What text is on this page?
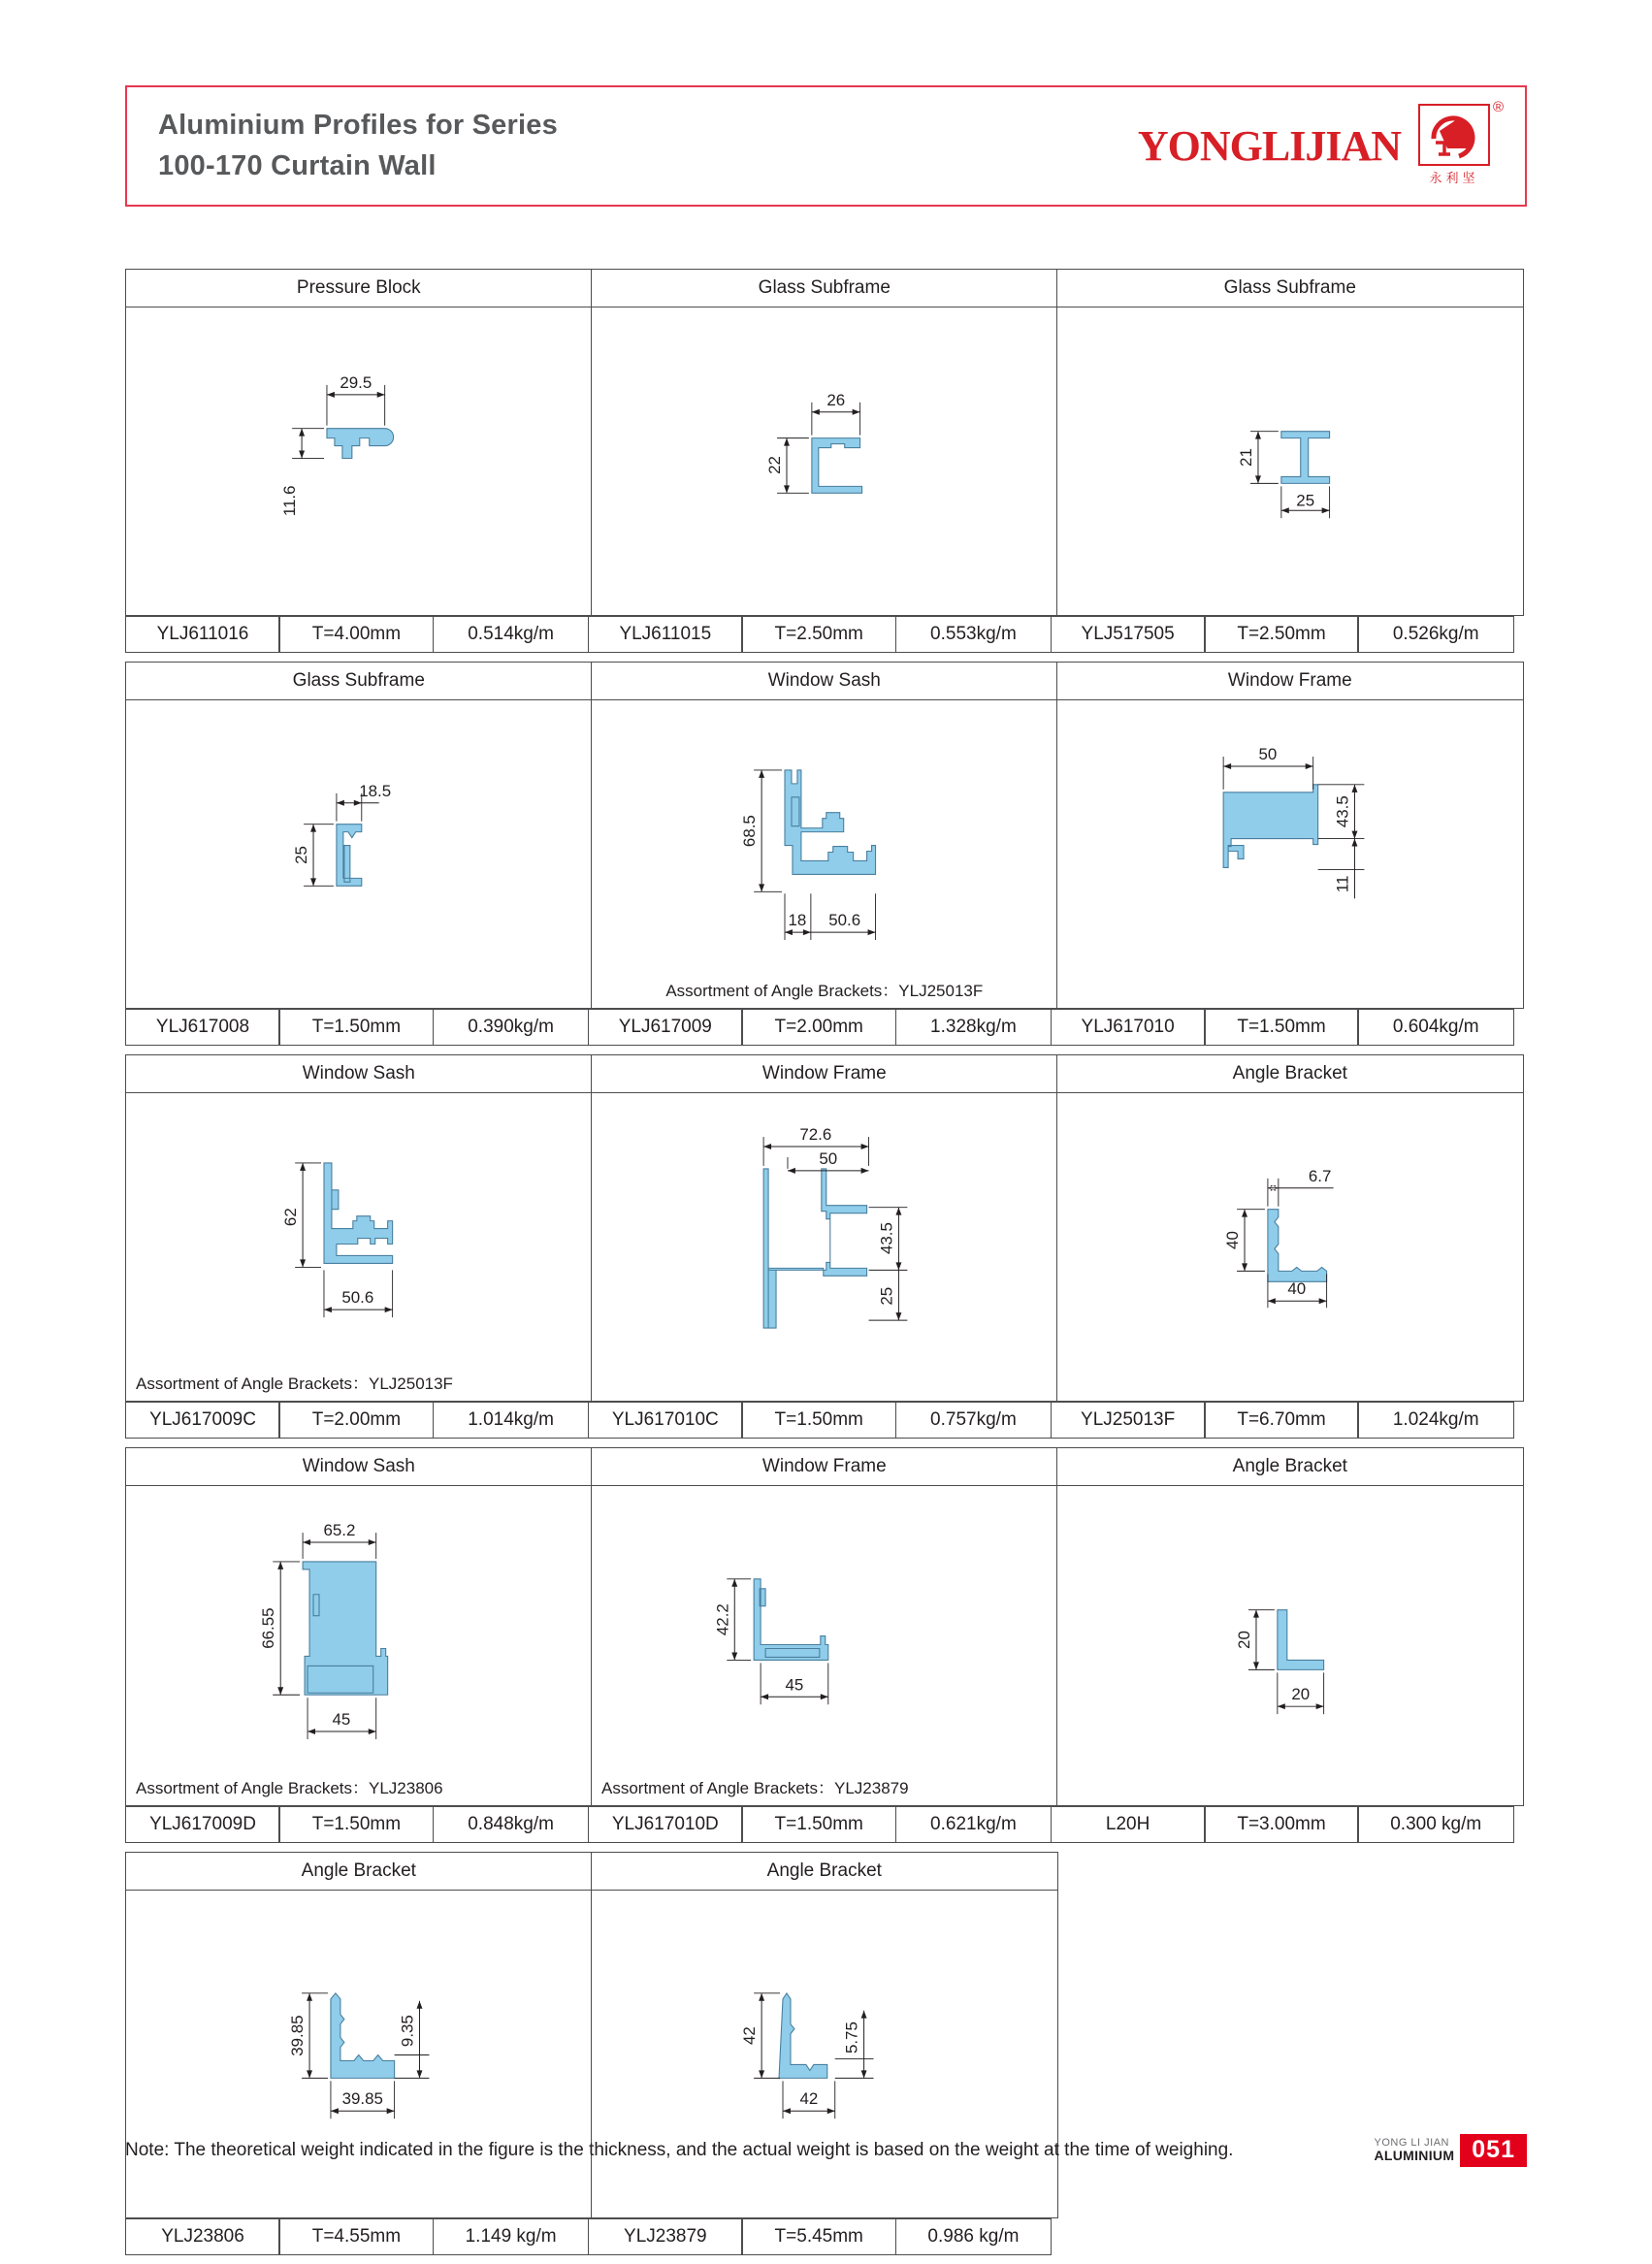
Aluminium Profiles for Series
100-170 Curtain Wall	YONGLIJIAN
®
永利坚
Pressure Block	Glass Subframe	Glass Subframe
29.5
11.6
26
22	21
25
YLJ611016	T=4.00mm	0.514kg/m	YLJ611015	T=2.50mm	0.553kg/m	YLJ517505	T=2.50mm	0.526kg/m
Glass Subframe	Window Sash	Window Frame
18.5
25
68.5
18 50.6
Assortment of Angle Brackets：YLJ25013F
50
43.5
11
YLJ617008	T=1.50mm	0.390kg/m	YLJ617009	T=2.00mm	1.328kg/m	YLJ617010	T=1.50mm	0.604kg/m
Window Sash	Window Frame	Angle Bracket
62
50.6
Assortment of Angle Brackets：YLJ25013F
72.6
50
43.5
25
6.7
40
40
YLJ617009C	T=2.00mm	1.014kg/m	YLJ617010C	T=1.50mm	0.757kg/m	YLJ25013F	T=6.70mm	1.024kg/m
Window Sash	Window Frame	Angle Bracket
65.2
66.55
45
Assortment of Angle Brackets：YLJ23806
42.2
45
Assortment of Angle Brackets：YLJ23879
20
20
YLJ617009D	T=1.50mm	0.848kg/m	YLJ617010D	T=1.50mm	0.621kg/m	L20H	T=3.00mm	0.300 kg/m
Angle Bracket	Angle Bracket
39.85
39.85
9.35	42
42
5.75
YLJ23806	T=4.55mm	1.149 kg/m	YLJ23879	T=5.45mm	0.986 kg/m
Note: The theoretical weight indicated in the figure is the thickness, and the actual weight is based on the weight at the time of weighing.	YONG LI JIAN
ALUMINIUM 051
